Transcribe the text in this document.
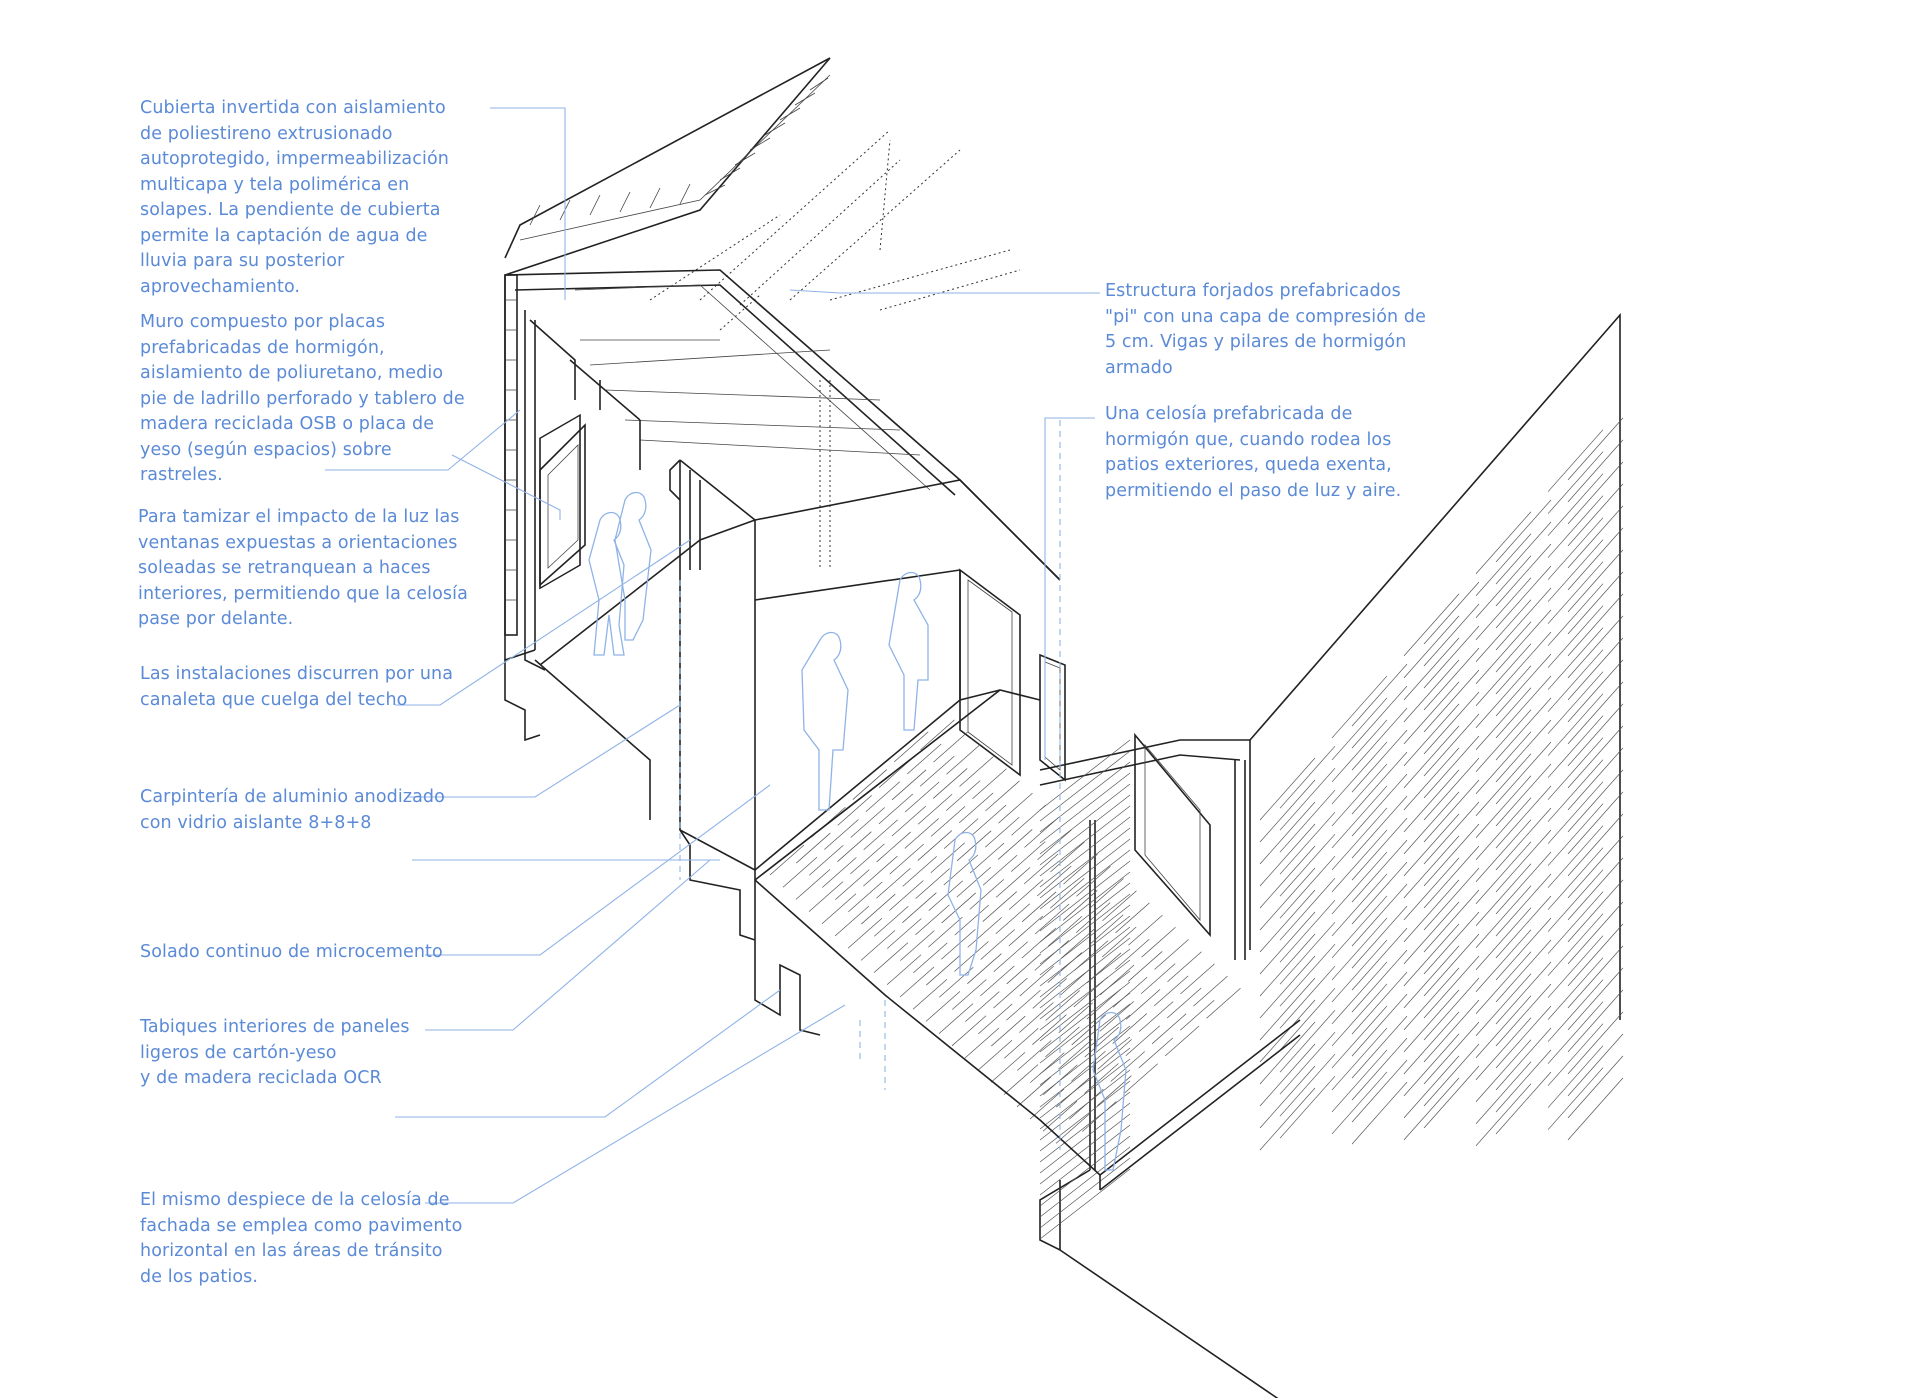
Cubierta invertida con aislamiento
de poliestireno extrusionado
autoprotegido, impermeabilización
multicapa y tela polimérica en
solapes. La pendiente de cubierta
permite la captación de agua de
lluvia para su posterior
aprovechamiento.
Muro compuesto por placas
prefabricadas de hormigón,
aislamiento de poliuretano, medio
pie de ladrillo perforado y tablero de
madera reciclada OSB o placa de
yeso (según espacios) sobre
rastreles.
Para tamizar el impacto de la luz las
ventanas expuestas a orientaciones
soleadas se retranquean a haces
interiores, permitiendo que la celosía
pase por delante.
Las instalaciones discurren por una
canaleta que cuelga del techo
Carpintería de aluminio anodizado
con vidrio aislante 8+8+8
Solado continuo de microcemento
Tabiques interiores de paneles
ligeros de cartón-yeso
y de madera reciclada OCR
El mismo despiece de la celosía de
fachada se emplea como pavimento
horizontal en las áreas de tránsito
de los patios.
Estructura forjados prefabricados
"pi" con una capa de compresión de
5 cm. Vigas y pilares de hormigón
armado
Una celosía prefabricada de
hormigón que, cuando rodea los
patios exteriores, queda exenta,
permitiendo el paso de luz y aire.
